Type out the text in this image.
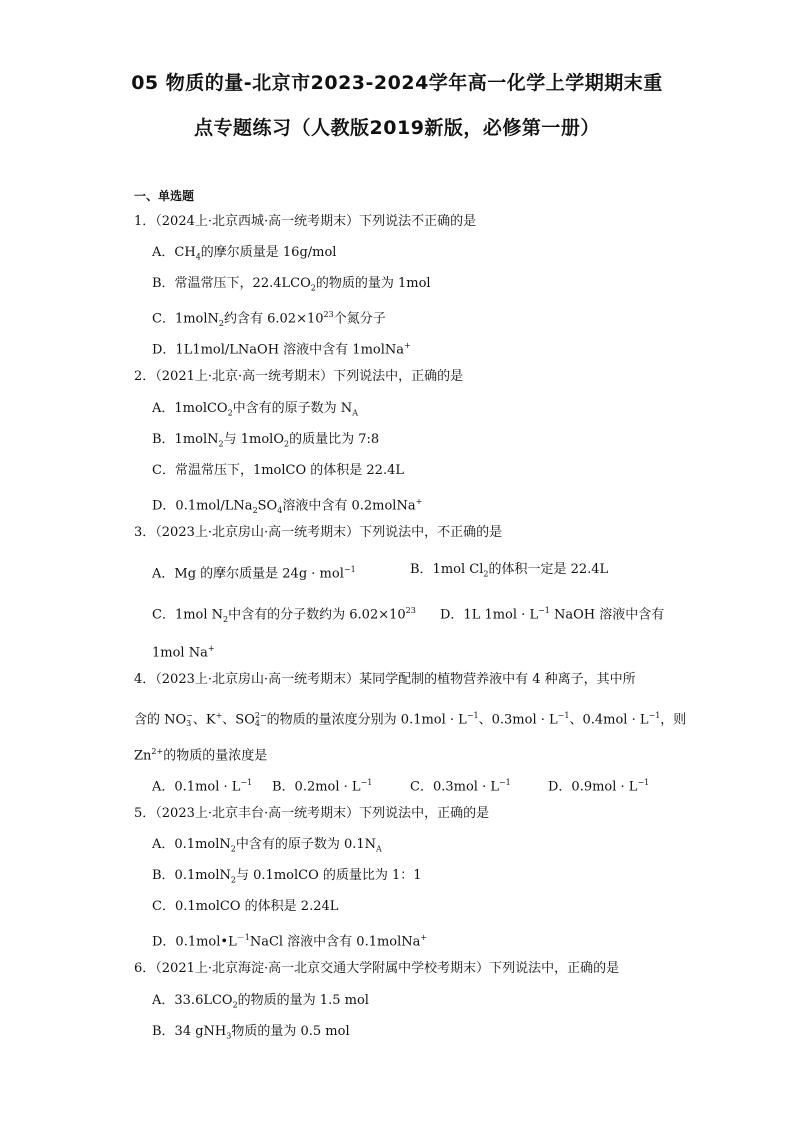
05 物质的量-北京市2023-2024学年高一化学上学期期末重
点专题练习（人教版2019新版，必修第一册）
一、单选题
1．（2024上·北京西城·高一统考期末）下列说法不正确的是
A．$CH_4$的摩尔质量是 16g/mol
B．常温常压下，$22.4LCO_2$的物质的量为 1mol
C．1molN$_2$约含有 $6.02\times 10^{23}$个氮分子
D．1L1mol/LNaOH 溶液中含有 1molNa+
2．（2021上·北京·高一统考期末）下列说法中，正确的是
A．1molCO$_2$中含有的原子数为 $N_A$
B．1molN$_2$与 1molO$_2$的质量比为 7:8
C．常温常压下，1molCO 的体积是 22.4L
D．$0.1mol/LNa_2SO_4$溶液中含有 0.2molNa+
3．（2023上·北京房山·高一统考期末）下列说法中，不正确的是
A．Mg 的摩尔质量是 24g · mol$^{-1}$	B．1mol $Cl_2$的体积一定是 22.4L
C．1mol $N_2$中含有的分子数约为 $6.02\times 10^{23}$ D．1L $1mol \cdot L^{-1}$ NaOH 溶液中含有
1mol Na+
4．（2023上·北京房山·高一统考期末）某同学配制的植物营养液中有 4 种离子，其中所
含的 NO−
3 、K+、SO2−
4 的物质的量浓度分别为 $0.1mol \cdot L^{-1}$、$0.3mol \cdot L^{-1}$、$0.4mol \cdot L^{-1}$，则
$Zn^{2+}$的物质的量浓度是
A．$0.1mol \cdot L^{-1}$ B．$0.2mol \cdot L^{-1}$	C．$0.3mol \cdot L^{-1}$	D．$0.9mol \cdot L^{-1}$
5．（2023上·北京丰台·高一统考期末）下列说法中，正确的是
A．0.1molN$_2$中含有的原子数为 $0.1N_A$
B．0.1molN$_2$与 0.1molCO 的质量比为 1：1
C．0.1molCO 的体积是 2.24L
D．$0.1mol•L^{-1}NaCl$ 溶液中含有 0.1molNa+
6．（2021上·北京海淀·高一北京交通大学附属中学校考期末）下列说法中，正确的是
A．$33.6LCO_2$的物质的量为 1.5 mol
B．34 gNH$_3$物质的量为 0.5 mol
